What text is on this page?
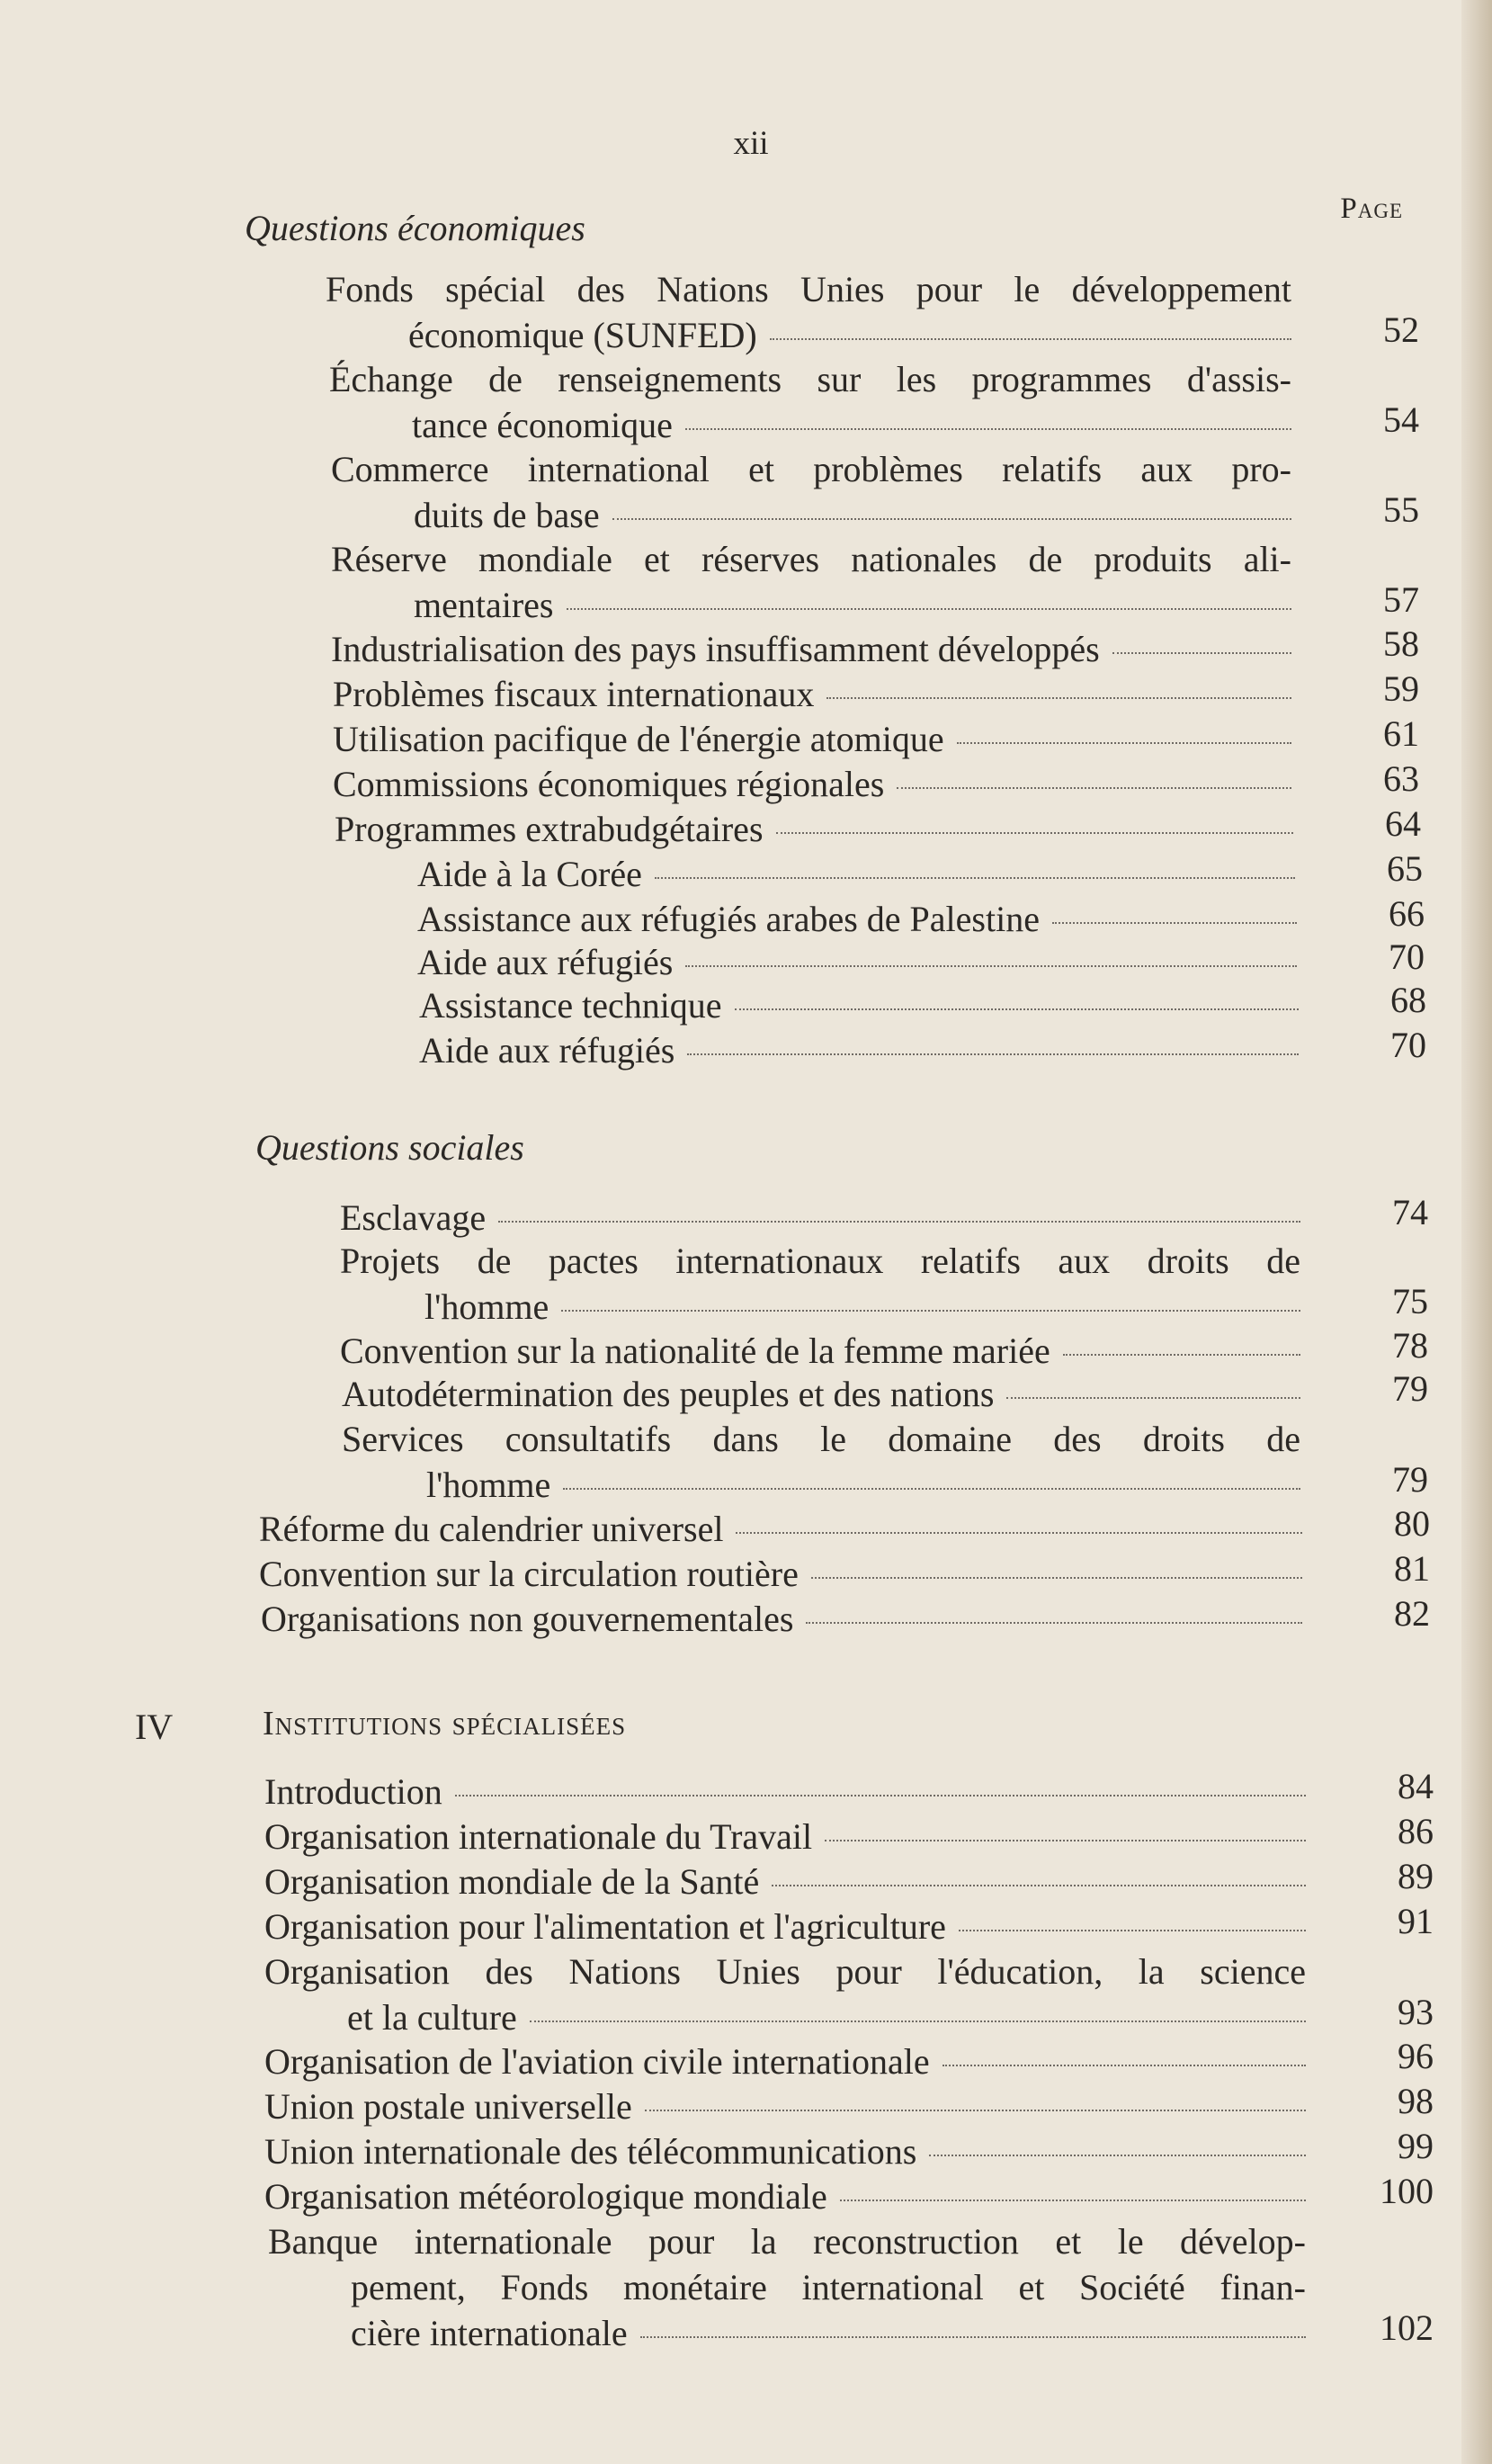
xii
Page
Questions économiques
Fonds spécial des Nations Unies pour le développement
économique (SUNFED)	52
Échange de renseignements sur les programmes d'assis-
tance économique	54
Commerce international et problèmes relatifs aux pro-
duits de base	55
Réserve mondiale et réserves nationales de produits ali-
mentaires	57
Industrialisation des pays insuffisamment développés	58
Problèmes fiscaux internationaux	59
Utilisation pacifique de l'énergie atomique	61
Commissions économiques régionales	63
Programmes extrabudgétaires	64
Aide à la Corée	65
Assistance aux réfugiés arabes de Palestine	66
Aide aux réfugiés	70
Assistance technique	68
Aide aux réfugiés	70
Questions sociales
Esclavage	74
Projets de pactes internationaux relatifs aux droits de
l'homme	75
Convention sur la nationalité de la femme mariée	78
Autodétermination des peuples et des nations	79
Services consultatifs dans le domaine des droits de
l'homme	79
Réforme du calendrier universel	80
Convention sur la circulation routière	81
Organisations non gouvernementales	82
IV	Institutions spécialisées
Introduction	84
Organisation internationale du Travail	86
Organisation mondiale de la Santé	89
Organisation pour l'alimentation et l'agriculture	91
Organisation des Nations Unies pour l'éducation, la science
et la culture	93
Organisation de l'aviation civile internationale	96
Union postale universelle	98
Union internationale des télécommunications	99
Organisation météorologique mondiale	100
Banque internationale pour la reconstruction et le dévelop-
pement, Fonds monétaire international et Société finan-
cière internationale	102
